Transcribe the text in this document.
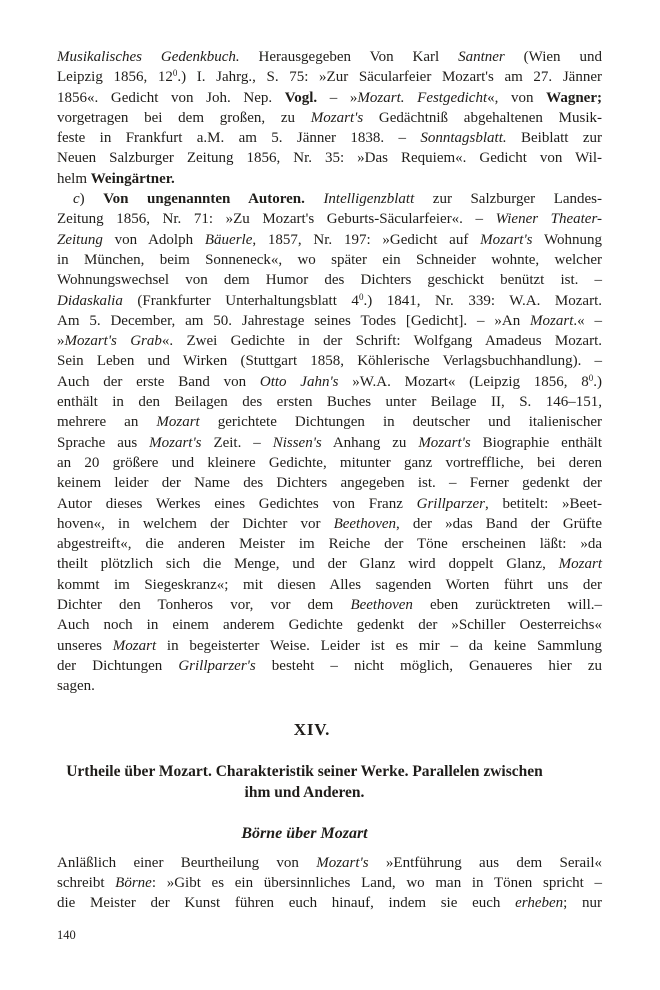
Musikalisches Gedenkbuch. Herausgegeben Von Karl Santner (Wien und
Leipzig 1856, $12^0$.) I. Jahrg., S. 75: »Zur Säcularfeier Mozart's am 27. Jänner
1856«. Gedicht von Joh. Nep. Vogl. – »Mozart. Festgedicht«, von Wagner;
vorgetragen bei dem großen, zu Mozart's Gedächtniß abgehaltenen Musik-
feste in Frankfurt a.M. am 5. Jänner 1838. – Sonntagsblatt. Beiblatt zur
Neuen Salzburger Zeitung 1856, Nr. 35: »Das Requiem«. Gedicht von Wil-
helm Weingärtner.
c) Von ungenannten Autoren. Intelligenzblatt zur Salzburger Landes-
Zeitung 1856, Nr. 71: »Zu Mozart's Geburts-Säcularfeier«. – Wiener Theater-
Zeitung von Adolph Bäuerle, 1857, Nr. 197: »Gedicht auf Mozart's Wohnung
in München, beim Sonneneck«, wo später ein Schneider wohnte, welcher
Wohnungswechsel von dem Humor des Dichters geschickt benützt ist. –
Didaskalia (Frankfurter Unterhaltungsblatt $4^0$.) 1841, Nr. 339: W.A. Mozart.
Am 5. December, am 50. Jahrestage seines Todes [Gedicht]. – »An Mozart.« –
»Mozart's Grab«. Zwei Gedichte in der Schrift: Wolfgang Amadeus Mozart.
Sein Leben und Wirken (Stuttgart 1858, Köhlerische Verlagsbuchhandlung). –
Auch der erste Band von Otto Jahn's »W.A. Mozart« (Leipzig 1856, $8^0$.)
enthält in den Beilagen des ersten Buches unter Beilage II, S. 146–151,
mehrere an Mozart gerichtete Dichtungen in deutscher und italienischer
Sprache aus Mozart's Zeit. – Nissen's Anhang zu Mozart's Biographie enthält
an 20 größere und kleinere Gedichte, mitunter ganz vortreffliche, bei deren
keinem leider der Name des Dichters angegeben ist. – Ferner gedenkt der
Autor dieses Werkes eines Gedichtes von Franz Grillparzer, betitelt: »Beet-
hoven«, in welchem der Dichter vor Beethoven, der »das Band der Grüfte
abgestreift«, die anderen Meister im Reiche der Töne erscheinen läßt: »da
theilt plötzlich sich die Menge, und der Glanz wird doppelt Glanz, Mozart
kommt im Siegeskranz«; mit diesen Alles sagenden Worten führt uns der
Dichter den Tonheros vor, vor dem Beethoven eben zurücktreten will.–
Auch noch in einem anderem Gedichte gedenkt der »Schiller Oesterreichs«
unseres Mozart in begeisterter Weise. Leider ist es mir – da keine Sammlung
der Dichtungen Grillparzer's besteht – nicht möglich, Genaueres hier zu
sagen.
XIV.
Urtheile über Mozart. Charakteristik seiner Werke. Parallelen zwischen
ihm und Anderen.
Börne über Mozart
Anläßlich einer Beurtheilung von Mozart's »Entführung aus dem Serail«
schreibt Börne: »Gibt es ein übersinnliches Land, wo man in Tönen spricht –
die Meister der Kunst führen euch hinauf, indem sie euch erheben; nur
140
